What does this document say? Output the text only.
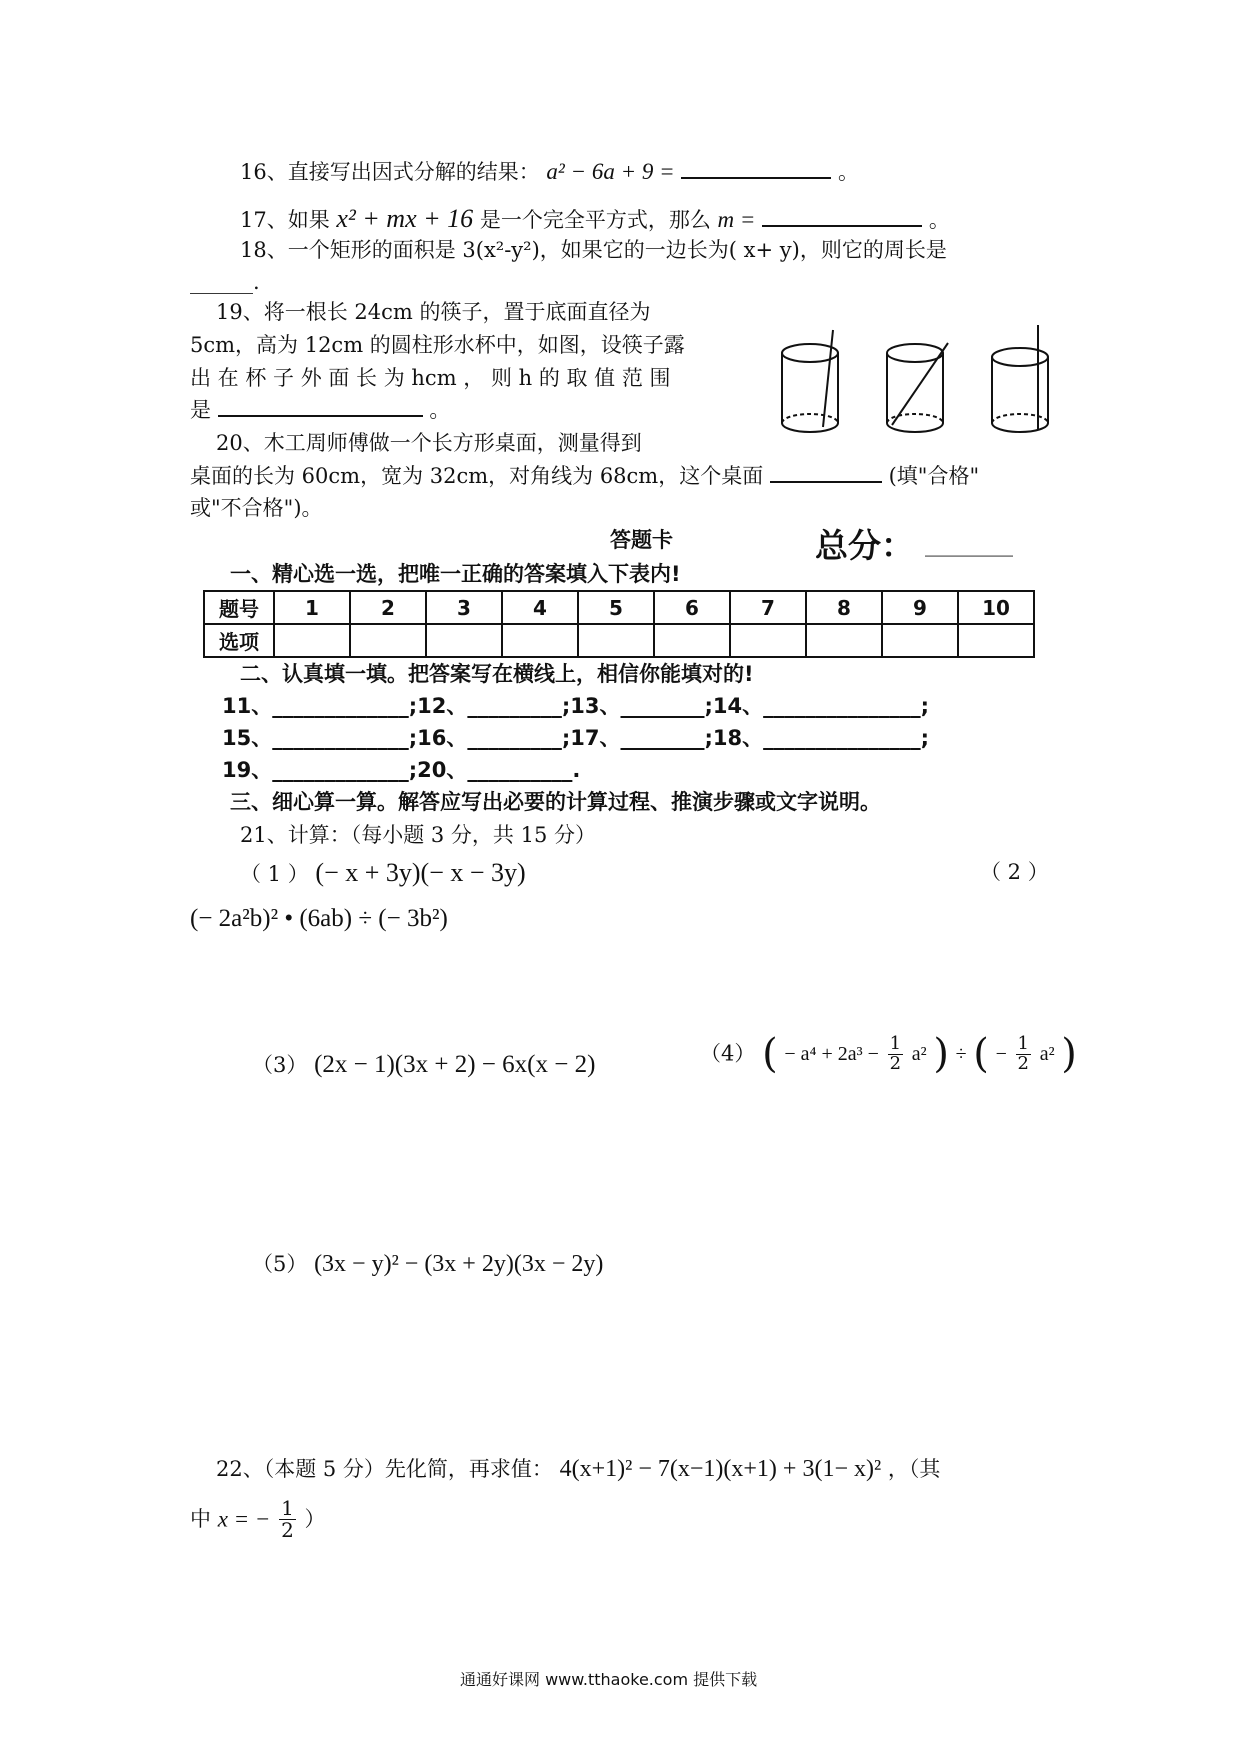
16、直接写出因式分解的结果： a² − 6a + 9 =	。
17、如果 x² + mx + 16 是一个完全平方式，那么 m =	。
18、一个矩形的面积是 3(x²-y²)，如果它的一边长为( x+ y)，则它的周长是
______.
19、将一根长 24cm 的筷子，置于底面直径为
5cm，高为 12cm 的圆柱形水杯中，如图，设筷子露
出 在 杯 子 外 面 长 为 hcm ， 则 h 的 取 值 范 围
是	。
20、木工周师傅做一个长方形桌面，测量得到
桌面的长为 60cm，宽为 32cm，对角线为 68cm，这个桌面	(填"合格"
或"不合格")。
答题卡	总分： ________
一、精心选一选，把唯一正确的答案填入下表内!
题号	1	2	3	4	5	6	7	8	9	10
选项										
二、认真填一填。把答案写在横线上，相信你能填对的!
11、_____________;12、_________;13、________;14、_______________;
15、_____________;16、_________;17、________;18、_______________;
19、_____________;20、__________.
三、细心算一算。解答应写出必要的计算过程、推演步骤或文字说明。
21、计算：（每小题 3 分，共 15 分）
（ 1 ） (− x + 3y)(− x − 3y)	（ 2 ）
(− 2a²b)² • (6ab) ÷ (− 3b²)
（3） (2x − 1)(3x + 2) − 6x(x − 2)	（4） ( − $a^4 + 2a^3 - \frac{1}{2} a^2$ ) ÷ ( − $\frac{1}{2} a^2$ )
（5） (3x − y)² − (3x + 2y)(3x − 2y)
22、（本题 5 分）先化简，再求值： 4(x+1)² − 7(x−1)(x+1) + 3(1− x)² ，（其
中 x = − $\frac{1}{2}$ ）
通通好课网 www.tthaoke.com 提供下载
